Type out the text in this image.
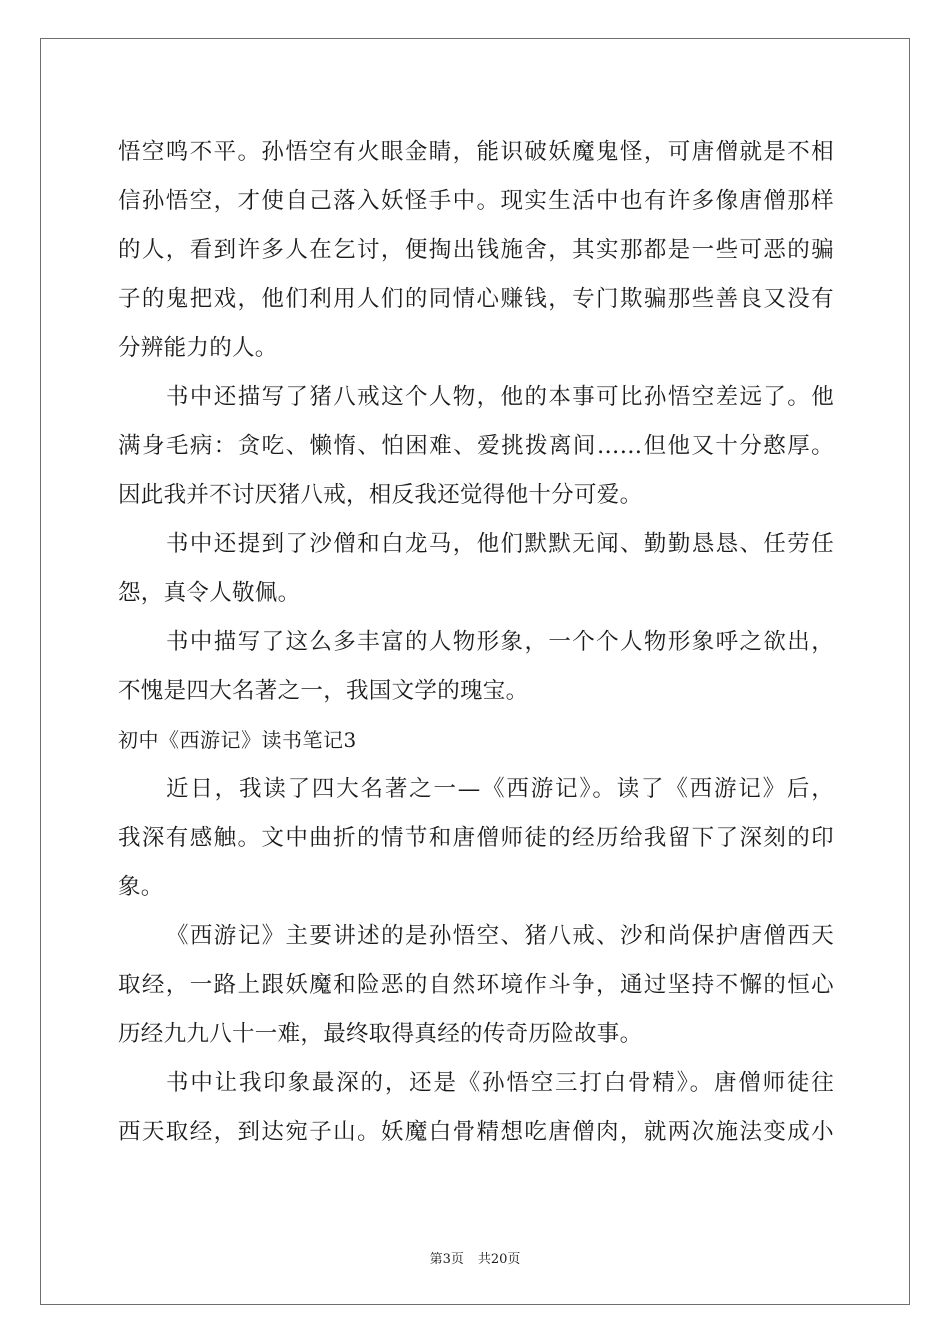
悟空鸣不平。孙悟空有火眼金睛，能识破妖魔鬼怪，可唐僧就是不相
信孙悟空，才使自己落入妖怪手中。现实生活中也有许多像唐僧那样
的人，看到许多人在乞讨，便掏出钱施舍，其实那都是一些可恶的骗
子的鬼把戏，他们利用人们的同情心赚钱，专门欺骗那些善良又没有
分辨能力的人。
书中还描写了猪八戒这个人物，他的本事可比孙悟空差远了。他
满身毛病：贪吃、懒惰、怕困难、爱挑拨离间……但他又十分憨厚。
因此我并不讨厌猪八戒，相反我还觉得他十分可爱。
书中还提到了沙僧和白龙马，他们默默无闻、勤勤恳恳、任劳任
怨，真令人敬佩。
书中描写了这么多丰富的人物形象，一个个人物形象呼之欲出，
不愧是四大名著之一，我国文学的瑰宝。
初中《西游记》读书笔记3
近日，我读了四大名著之一—《西游记》。读了《西游记》后，
我深有感触。文中曲折的情节和唐僧师徒的经历给我留下了深刻的印
象。
《西游记》主要讲述的是孙悟空、猪八戒、沙和尚保护唐僧西天
取经，一路上跟妖魔和险恶的自然环境作斗争，通过坚持不懈的恒心
历经九九八十一难，最终取得真经的传奇历险故事。
书中让我印象最深的，还是《孙悟空三打白骨精》。唐僧师徒往
西天取经，到达宛子山。妖魔白骨精想吃唐僧肉，就两次施法变成小
第3页 共20页
